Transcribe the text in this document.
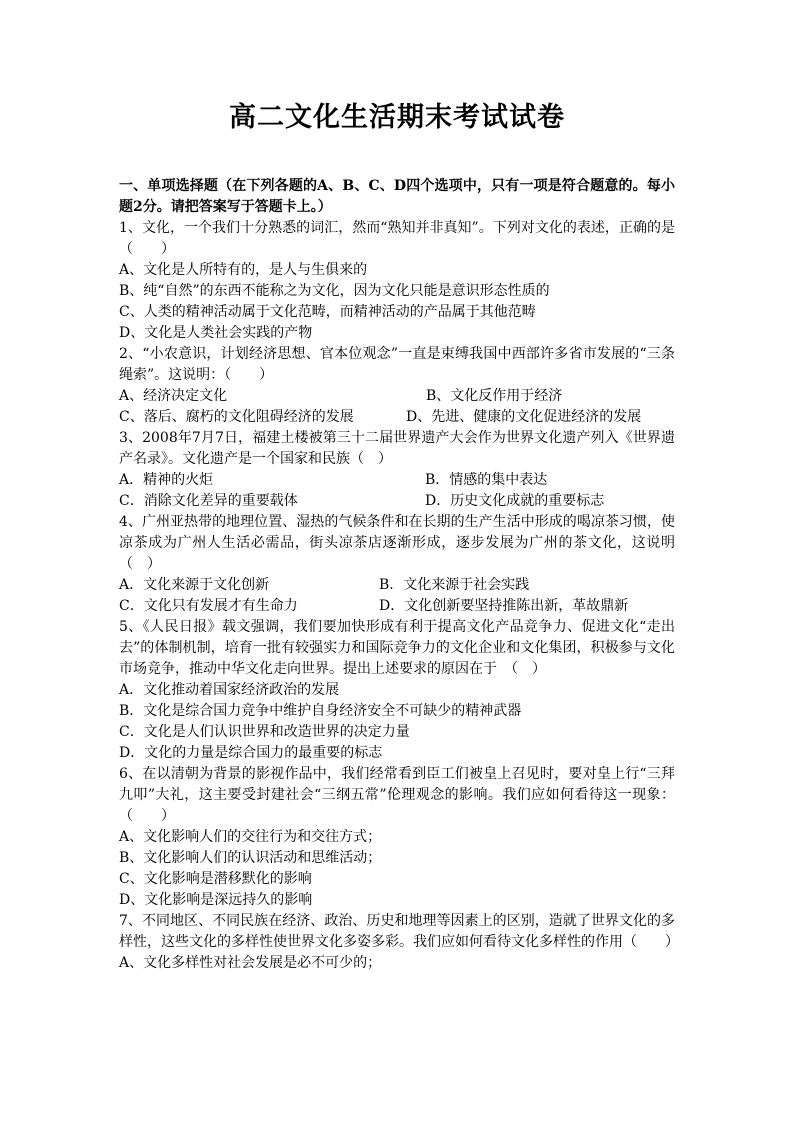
高二文化生活期末考试试卷
一、单项选择题（在下列各题的A、B、C、D四个选项中，只有一项是符合题意的。每小题2分。请把答案写于答题卡上。）
1、文化，一个我们十分熟悉的词汇，然而“熟知并非真知”。下列对文化的表述，正确的是（　　）
A、文化是人所特有的，是人与生俱来的
B、纯“自然”的东西不能称之为文化，因为文化只能是意识形态性质的
C、人类的精神活动属于文化范畴，而精神活动的产品属于其他范畴
D、文化是人类社会实践的产物
2、“小农意识，计划经济思想、官本位观念”一直是束缚我国中西部许多省市发展的“三条绳索”。这说明：（　　）
A、经济决定文化	B、文化反作用于经济
C、落后、腐朽的文化阻碍经济的发展	D、先进、健康的文化促进经济的发展
3、2008年7月7日，福建土楼被第三十二届世界遗产大会作为世界文化遗产列入《世界遗产名录》。文化遗产是一个国家和民族（　）
A．精神的火炬	B．情感的集中表达
C．消除文化差异的重要载体	D．历史文化成就的重要标志
4、广州亚热带的地理位置、湿热的气候条件和在长期的生产生活中形成的喝凉茶习惯，使凉茶成为广州人生活必需品，街头凉茶店逐渐形成，逐步发展为广州的茶文化，这说明（　）
A．文化来源于文化创新	B．文化来源于社会实践
C．文化只有发展才有生命力	D．文化创新要坚持推陈出新，革故鼎新
5、《人民日报》载文强调，我们要加快形成有利于提高文化产品竞争力、促进文化“走出去”的体制机制，培育一批有较强实力和国际竞争力的文化企业和文化集团，积极参与文化市场竞争，推动中华文化走向世界。提出上述要求的原因在于　（　）
A．文化推动着国家经济政治的发展
B．文化是综合国力竞争中维护自身经济安全不可缺少的精神武器
C．文化是人们认识世界和改造世界的决定力量
D．文化的力量是综合国力的最重要的标志
6、在以清朝为背景的影视作品中，我们经常看到臣工们被皇上召见时，要对皇上行“三拜九叩”大礼，这主要受封建社会“三纲五常”伦理观念的影响。我们应如何看待这一现象：（　　）
A、文化影响人们的交往行为和交往方式；
B、文化影响人们的认识活动和思维活动；
C、文化影响是潜移默化的影响
D、文化影响是深远持久的影响
7、不同地区、不同民族在经济、政治、历史和地理等因素上的区别，造就了世界文化的多样性，这些文化的多样性使世界文化多姿多彩。我们应如何看待文化多样性的作用（　　）
A、文化多样性对社会发展是必不可少的；
